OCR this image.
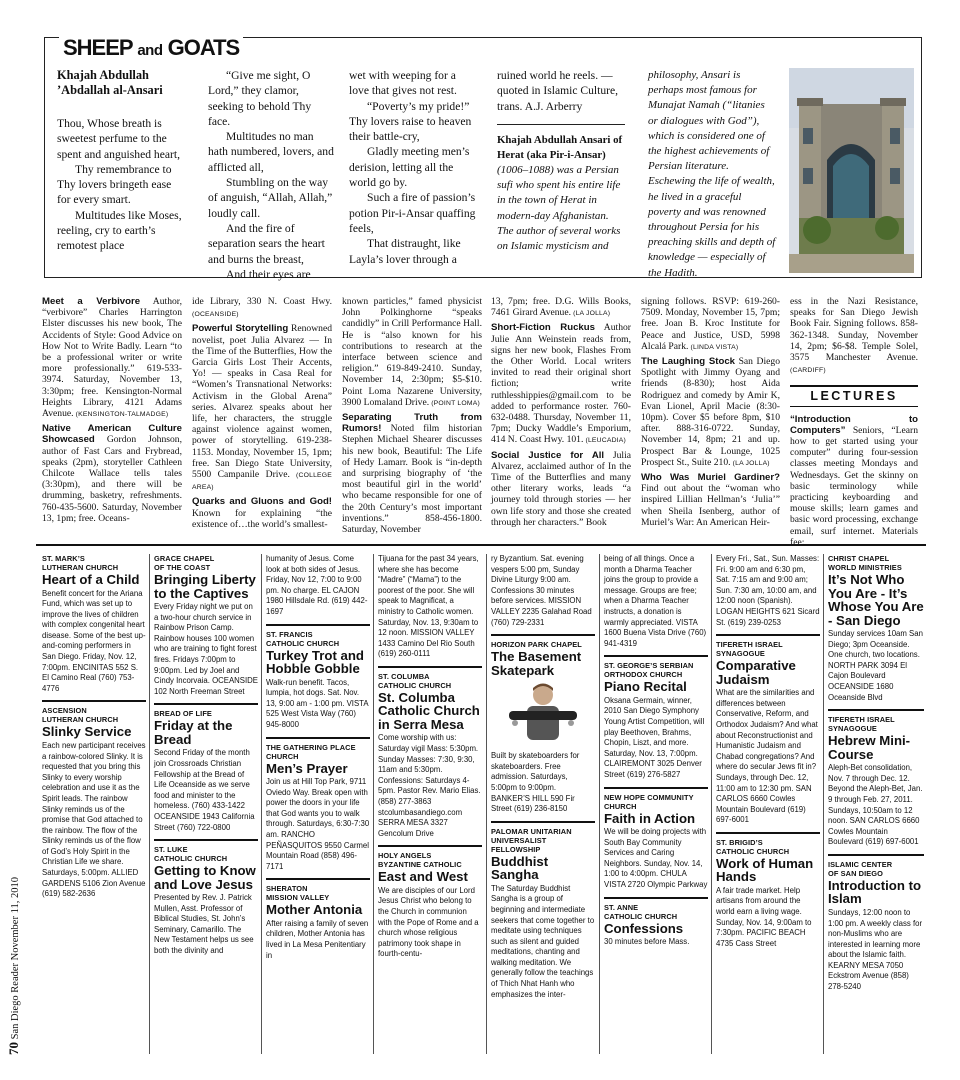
SHEEP and GOATS
Khajah Abdullah
’Abdallah al-Ansari

Thou, Whose breath is sweetest perfume to the spent and anguished heart,

Thy remembrance to Thy lovers bringeth ease for every smart.

Multitudes like Moses, reeling, cry to earth’s remotest place

“Give me sight, O Lord,” they clamor, seeking to behold Thy face.

Multitudes no man hath numbered, lovers, and afflicted all,

Stumbling on the way of anguish, “Allah, Allah,” loudly call.

And the fire of separation sears the heart and burns the breast,

And their eyes are

wet with weeping for a love that gives not rest.

“Poverty’s my pride!” Thy lovers raise to heaven their battle-cry,

Gladly meeting men’s derision, letting all the world go by.

Such a fire of passion’s potion Pir-i-Ansar quaffing feels,

That distraught, like Layla’s lover through a

ruined world he reels. — quoted in Islamic Culture, trans. A.J. Arberry

Khajah Abdullah Ansari of Herat (aka Pir-i-Ansar)

(1006–1088) was a Persian sufi who spent his entire life in the town of Herat in modern-day Afghanistan. The author of several works on Islamic mysticism and

philosophy, Ansari is perhaps most famous for Munajat Namah (“litanies or dialogues with God”), which is considered one of the highest achievements of Persian literature. Eschewing the life of wealth, he lived in a graceful poverty and was renowned throughout Persia for his preaching skills and depth of knowledge — especially of the Hadith.

Meet a Verbivore Author, “verbivore” Charles Harrington Elster discusses his new book, The Accidents of Style: Good Advice on How Not to Write Badly. Learn “to be a professional writer or write more professionally.” 619-533-3974. Saturday, November 13, 3:30pm; free. Kensington-Normal Heights Library, 4121 Adams Avenue. (KENSINGTON-TALMADGE)

Native American Culture Showcased Gordon Johnson, author of Fast Cars and Frybread, speaks (2pm), storyteller Cathleen Chilcote Wallace tells tales (3:30pm), and there will be drumming, basketry, refreshments. 760-435-5600. Saturday, November 13, 1pm; free. Oceans-

ide Library, 330 N. Coast Hwy. (OCEANSIDE)

Powerful Storytelling Renowned novelist, poet Julia Alvarez — In the Time of the Butterflies, How the Garcia Girls Lost Their Accents, Yo! — speaks in Casa Real for “Women’s Transnational Networks: Activism in the Global Arena” series. Alvarez speaks about her life, her characters, the struggle against violence against women, power of storytelling. 619-238-1153. Monday, November 15, 1pm; free. San Diego State University, 5500 Campanile Drive. (COLLEGE AREA)

Quarks and Gluons and God! Known for explaining “the existence of…the world’s smallest-

known particles,” famed physicist John Polkinghorne “speaks candidly” in Crill Performance Hall. He is “also known for his contributions to research at the interface between science and religion.” 619-849-2410. Sunday, November 14, 2:30pm; $5-$10. Point Loma Nazarene University, 3900 Lomaland Drive. (POINT LOMA)

Separating Truth from Rumors! Noted film historian Stephen Michael Shearer discusses his new book, Beautiful: The Life of Hedy Lamarr. Book is “in-depth and surprising biography of ‘the most beautiful girl in the world’ who became responsible for one of the 20th Century’s most important inventions.” 858-456-1800. Saturday, November

13, 7pm; free. D.G. Wills Books, 7461 Girard Avenue. (LA JOLLA)

Short-Fiction Ruckus Author Julie Ann Weinstein reads from, signs her new book, Flashes From the Other World. Local writers invited to read their original short fiction; write ruthlesshippies@gmail.com to be added to performance roster. 760-632-0488. Thursday, November 11, 7pm; Ducky Waddle’s Emporium, 414 N. Coast Hwy. 101. (LEUCADIA)

Social Justice for All Julia Alvarez, acclaimed author of In the Time of the Butterflies and many other literary works, leads “a journey told through stories — her own life story and those she created through her characters.” Book

signing follows. RSVP: 619-260-7509. Monday, November 15, 7pm; free. Joan B. Kroc Institute for Peace and Justice, USD, 5998 Alcalá Park. (LINDA VISTA)

The Laughing Stock San Diego Spotlight with Jimmy Oyang and friends (8-830); host Aida Rodriguez and comedy by Amir K, Evan Lionel, April Macie (8:30-10pm). Cover $5 before 8pm, $10 after. 888-316-0722. Sunday, November 14, 8pm; 21 and up. Prospect Bar & Lounge, 1025 Prospect St., Suite 210. (LA JOLLA)

Who Was Muriel Gardiner? Find out about the “woman who inspired Lillian Hellman’s ‘Julia’” when Sheila Isenberg, author of Muriel’s War: An American Heir-

ess in the Nazi Resistance, speaks for San Diego Jewish Book Fair. Signing follows. 858-362-1348. Sunday, November 14, 2pm; $6-$8. Temple Solel, 3575 Manchester Avenue. (CARDIFF)

LECTURES

“Introduction to Computers” Seniors, “Learn how to get started using your computer” during four-session classes meeting Mondays and Wednesdays. Get the skinny on basic terminology while practicing keyboarding and mouse skills; learn games and basic word processing, exchange email, surf internet. Materials fee:

ST. MARK’S
LUTHERAN CHURCH
Heart of a Child
Benefit concert for the Ariana Fund, which was set up to improve the lives of children with complex congenital heart disease. Some of the best up-and-coming performers in San Diego. Friday, Nov. 12, 7:00pm. ENCINITAS 552 S. El Camino Real (760) 753-4776
ASCENSION
LUTHERAN CHURCH
Slinky Service
Each new participant receives a rainbow-colored Slinky. It is requested that you bring this Slinky to every worship celebration and use it as the Spirit leads. The rainbow Slinky reminds us of the promise that God attached to the rainbow. The flow of the Slinky reminds us of the flow of God’s Holy Spirit in the Christian Life we share. Saturdays, 5:00pm. ALLIED GARDENS 5106 Zion Avenue (619) 582-2636
GRACE CHAPEL
OF THE COAST
Bringing Liberty to the Captives
Every Friday night we put on a two-hour church service in Rainbow Prison Camp. Rainbow houses 100 women who are training to fight forest fires. Fridays 7:00pm to 9:00pm. Led by Joel and Cindy Incorvaia. OCEANSIDE 102 North Freeman Street
BREAD OF LIFE
Friday at the Bread
Second Friday of the month join Crossroads Christian Fellowship at the Bread of Life Oceanside as we serve food and minister to the homeless. (760) 433-1422 OCEANSIDE 1943 California Street (760) 722-0800
ST. LUKE
CATHOLIC CHURCH
Getting to Know and Love Jesus
Presented by Rev. J. Patrick Mullen, Asst. Professor of Biblical Studies, St. John’s Seminary, Camarillo. The New Testament helps us see both the divinity and
humanity of Jesus. Come look at both sides of Jesus. Friday, Nov 12, 7:00 to 9:00 pm. No charge. EL CAJON 1980 Hillsdale Rd. (619) 442-1697
ST. FRANCIS
CATHOLIC CHURCH
Turkey Trot and Hobble Gobble
Walk-run benefit. Tacos, lumpia, hot dogs. Sat. Nov. 13, 9:00 am - 1:00 pm. VISTA 525 West Vista Way (760) 945-8000
THE GATHERING PLACE
CHURCH
Men’s Prayer
Join us at Hill Top Park, 9711 Oviedo Way. Break open with power the doors in your life that God wants you to walk through. Saturdays, 6:30-7:30 am. RANCHO PEÑASQUITOS 9550 Carmel Mountain Road (858) 496-7171
SHERATON
MISSION VALLEY
Mother Antonia
After raising a family of seven children, Mother Antonia has lived in La Mesa Penitentiary in
Tijuana for the past 34 years, where she has become “Madre” (“Mama”) to the poorest of the poor. She will speak to Magnificat, a ministry to Catholic women. Saturday, Nov. 13, 9:30am to 12 noon. MISSION VALLEY 1433 Camino Del Rio South (619) 260-0111
ST. COLUMBA
CATHOLIC CHURCH
St. Columba Catholic Church in Serra Mesa
Come worship with us: Saturday vigil Mass: 5:30pm. Sunday Masses: 7:30, 9:30, 11am and 5:30pm. Confessions: Saturdays 4-5pm. Pastor Rev. Mario Elias. (858) 277-3863 stcolumbasandiego.com SERRA MESA 3327 Gencolum Drive
HOLY ANGELS
BYZANTINE CATHOLIC
East and West
We are disciples of our Lord Jesus Christ who belong to the Church in communion with the Pope of Rome and a church whose religious patrimony took shape in fourth-centu-
ry Byzantium. Sat. evening vespers 5:00 pm, Sunday Divine Liturgy 9:00 am. Confessions 30 minutes before services. MISSION VALLEY 2235 Galahad Road (760) 729-2331
HORIZON PARK CHAPEL
The Basement Skatepark
Built by skateboarders for skateboarders. Free admission. Saturdays, 5:00pm to 9:00pm. BANKER’S HILL 590 Fir Street (619) 236-8150
PALOMAR UNITARIAN
UNIVERSALIST
FELLOWSHIP
Buddhist Sangha
The Saturday Buddhist Sangha is a group of beginning and intermediate seekers that come together to meditate using techniques such as silent and guided meditations, chanting and walking meditation. We generally follow the teachings of Thich Nhat Hanh who emphasizes the inter-
being of all things. Once a month a Dharma Teacher joins the group to provide a message. Groups are free; when a Dharma Teacher instructs, a donation is warmly appreciated. VISTA 1600 Buena Vista Drive (760) 941-4319
ST. GEORGE’S SERBIAN
ORTHODOX CHURCH
Piano Recital
Oksana Germain, winner, 2010 San Diego Symphony Young Artist Competition, will play Beethoven, Brahms, Chopin, Liszt, and more. Saturday, Nov. 13, 7:00pm. CLAIREMONT 3025 Denver Street (619) 276-5827
NEW HOPE COMMUNITY
CHURCH
Faith in Action
We will be doing projects with South Bay Community Services and Caring Neighbors. Sunday, Nov. 14, 1:00 to 4:00pm. CHULA VISTA 2720 Olympic Parkway
ST. ANNE
CATHOLIC CHURCH
Confessions
30 minutes before Mass.
Every Fri., Sat., Sun. Masses: Fri. 9:00 am and 6:30 pm, Sat. 7:15 am and 9:00 am; Sun. 7:30 am, 10:00 am, and 12:00 noon (Spanish). LOGAN HEIGHTS 621 Sicard St. (619) 239-0253
TIFERETH ISRAEL
SYNAGOGUE
Comparative Judaism
What are the similarities and differences between Conservative, Reform, and Orthodox Judaism? And what about Reconstructionist and Humanistic Judaism and Chabad congregations? And where do secular Jews fit in? Sundays, through Dec. 12, 11:00 am to 12:30 pm. SAN CARLOS 6660 Cowles Mountain Boulevard (619) 697-6001
ST. BRIGID’S
CATHOLIC CHURCH
Work of Human Hands
A fair trade market. Help artisans from around the world earn a living wage. Sunday, Nov. 14, 9:00am to 7:30pm. PACIFIC BEACH 4735 Cass Street
CHRIST CHAPEL
WORLD MINISTRIES
It’s Not Who You Are - It’s Whose You Are - San Diego
Sunday services 10am San Diego; 3pm Oceanside. One church, two locations. NORTH PARK 3094 El Cajon Boulevard OCEANSIDE 1680 Oceanside Blvd
TIFERETH ISRAEL
SYNAGOGUE
Hebrew Mini-Course
Aleph-Bet consolidation, Nov. 7 through Dec. 12. Beyond the Aleph-Bet, Jan. 9 through Feb. 27, 2011. Sundays, 10:50am to 12 noon. SAN CARLOS 6660 Cowles Mountain Boulevard (619) 697-6001
ISLAMIC CENTER
OF SAN DIEGO
Introduction to Islam
Sundays, 12:00 noon to 1:00 pm. A weekly class for non-Muslims who are interested in learning more about the Islamic faith. KEARNY MESA 7050 Eckstrom Avenue (858) 278-5240
70 San Diego Reader November 11, 2010
